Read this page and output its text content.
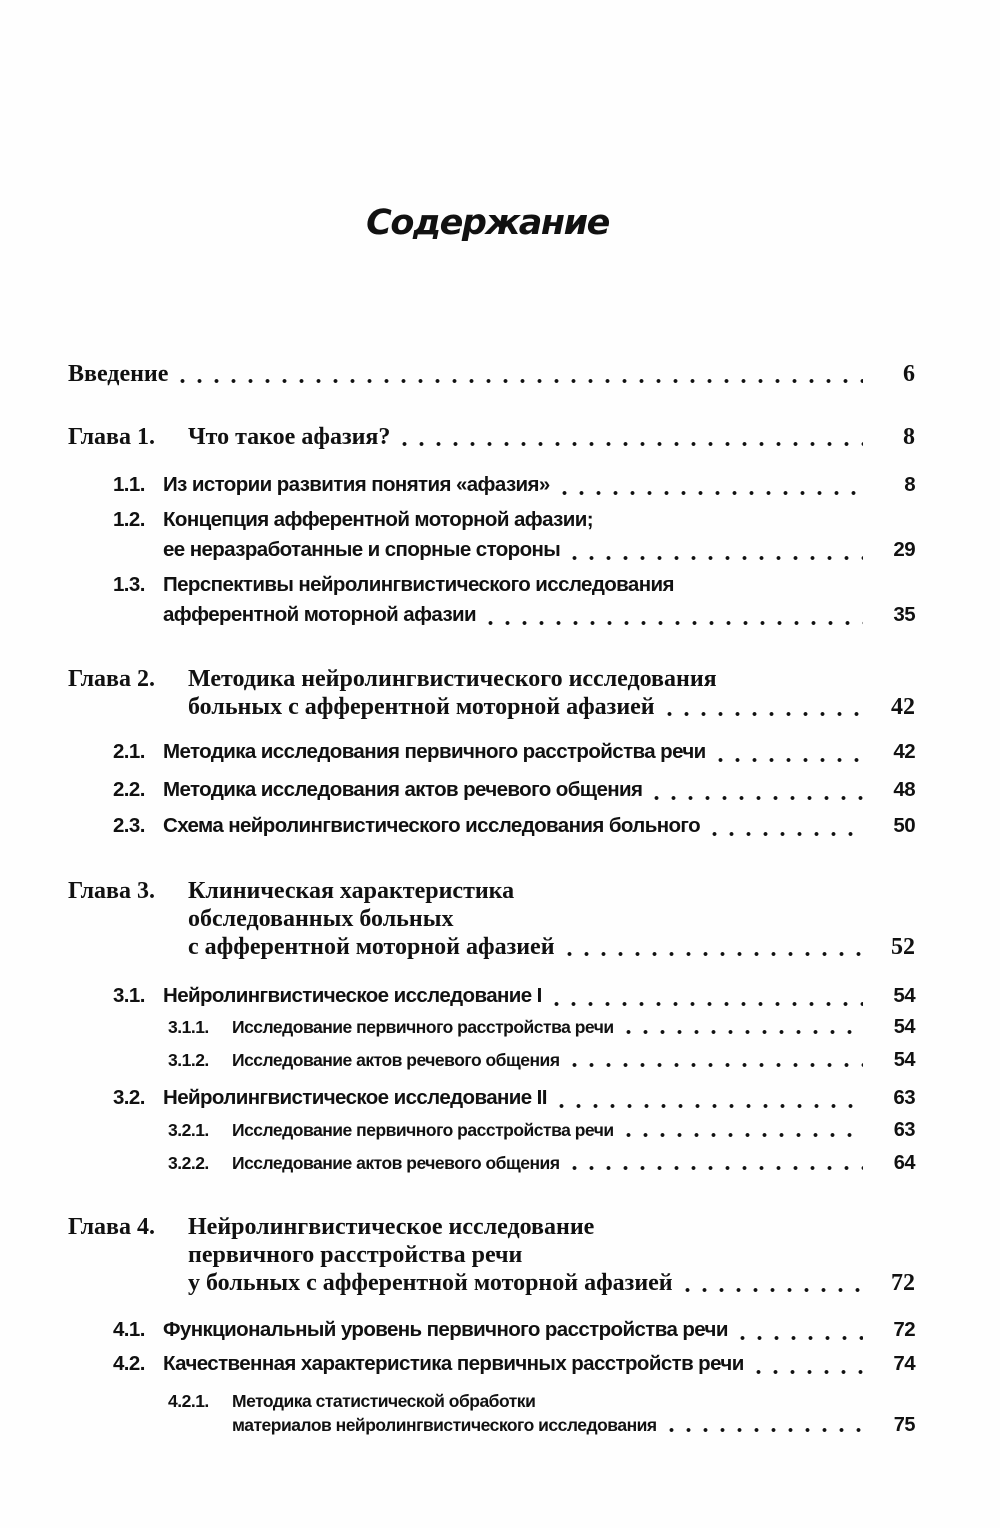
Содержание
Введение	6
Глава 1.	Что такое афазия?	8
1.1. Из истории развития понятия «афазия»	8
1.2. Концепция афферентной моторной афазии;
ее неразработанные и спорные стороны	29
1.3. Перспективы нейролингвистического исследования
афферентной моторной афазии	35
Глава 2.	Методика нейролингвистического исследования
больных с афферентной моторной афазией	42
2.1. Методика исследования первичного расстройства речи	42
2.2. Методика исследования актов речевого общения	48
2.3. Схема нейролингвистического исследования больного	50
Глава 3.	Клиническая характеристика
обследованных больных
с афферентной моторной афазией	52
3.1. Нейролингвистическое исследование I	54
3.1.1.	Исследование первичного расстройства речи	54
3.1.2.	Исследование актов речевого общения	54
3.2. Нейролингвистическое исследование II	63
3.2.1.	Исследование первичного расстройства речи	63
3.2.2.	Исследование актов речевого общения	64
Глава 4.	Нейролингвистическое исследование
первичного расстройства речи
у больных с афферентной моторной афазией	72
4.1. Функциональный уровень первичного расстройства речи	72
4.2. Качественная характеристика первичных расстройств речи	74
4.2.1.	Методика статистической обработки
материалов нейролингвистического исследования	75
